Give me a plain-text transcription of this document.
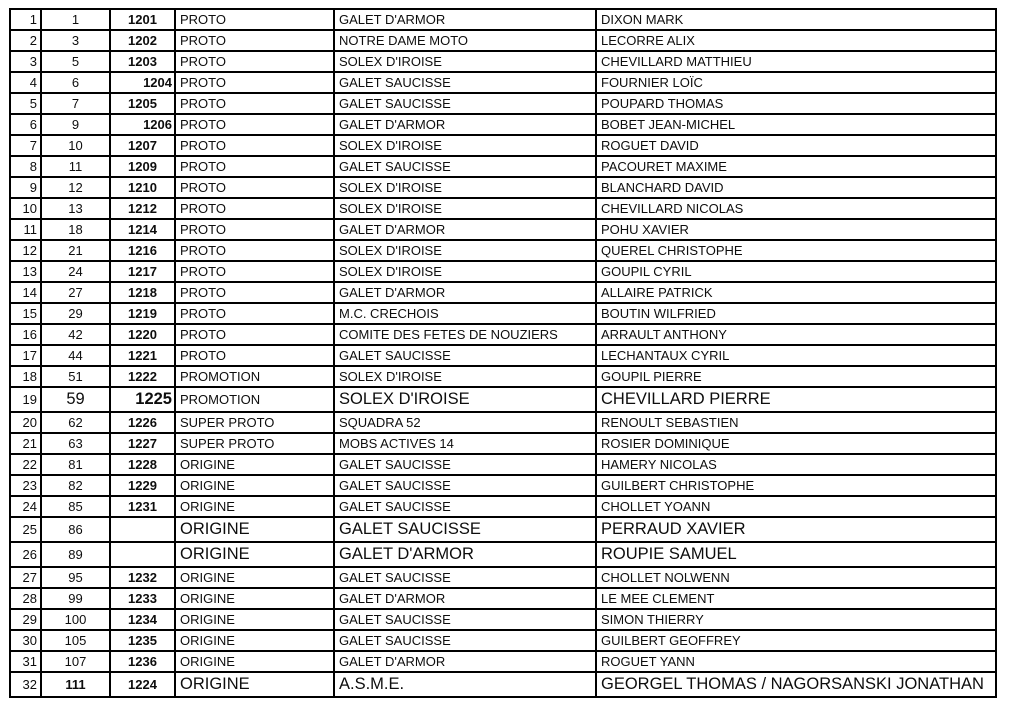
1	1	1201	PROTO	GALET D'ARMOR	DIXON MARK
2	3	1202	PROTO	NOTRE DAME MOTO	LECORRE ALIX
3	5	1203	PROTO	SOLEX D'IROISE	CHEVILLARD MATTHIEU
4	6	1204	PROTO	GALET SAUCISSE	FOURNIER LOÏC
5	7	1205	PROTO	GALET SAUCISSE	POUPARD THOMAS
6	9	1206	PROTO	GALET D'ARMOR	BOBET JEAN-MICHEL
7	10	1207	PROTO	SOLEX D'IROISE	ROGUET DAVID
8	11	1209	PROTO	GALET SAUCISSE	PACOURET MAXIME
9	12	1210	PROTO	SOLEX D'IROISE	BLANCHARD DAVID
10	13	1212	PROTO	SOLEX D'IROISE	CHEVILLARD NICOLAS
11	18	1214	PROTO	GALET D'ARMOR	POHU XAVIER
12	21	1216	PROTO	SOLEX D'IROISE	QUEREL CHRISTOPHE
13	24	1217	PROTO	SOLEX D'IROISE	GOUPIL CYRIL
14	27	1218	PROTO	GALET D'ARMOR	ALLAIRE PATRICK
15	29	1219	PROTO	M.C. CRECHOIS	BOUTIN WILFRIED
16	42	1220	PROTO	COMITE DES FETES DE NOUZIERS	ARRAULT ANTHONY
17	44	1221	PROTO	GALET SAUCISSE	LECHANTAUX CYRIL
18	51	1222	PROMOTION	SOLEX D'IROISE	GOUPIL PIERRE
19	59	1225	PROMOTION	SOLEX D'IROISE	CHEVILLARD PIERRE
20	62	1226	SUPER PROTO	SQUADRA 52	RENOULT SEBASTIEN
21	63	1227	SUPER PROTO	MOBS ACTIVES 14	ROSIER DOMINIQUE
22	81	1228	ORIGINE	GALET SAUCISSE	HAMERY NICOLAS
23	82	1229	ORIGINE	GALET SAUCISSE	GUILBERT CHRISTOPHE
24	85	1231	ORIGINE	GALET SAUCISSE	CHOLLET YOANN
25	86		ORIGINE	GALET SAUCISSE	PERRAUD XAVIER
26	89		ORIGINE	GALET D'ARMOR	ROUPIE SAMUEL
27	95	1232	ORIGINE	GALET SAUCISSE	CHOLLET NOLWENN
28	99	1233	ORIGINE	GALET D'ARMOR	LE MEE CLEMENT
29	100	1234	ORIGINE	GALET SAUCISSE	SIMON THIERRY
30	105	1235	ORIGINE	GALET SAUCISSE	GUILBERT GEOFFREY
31	107	1236	ORIGINE	GALET D'ARMOR	ROGUET YANN
32	111	1224	ORIGINE	A.S.M.E.	GEORGEL THOMAS / NAGORSANSKI JONATHAN
